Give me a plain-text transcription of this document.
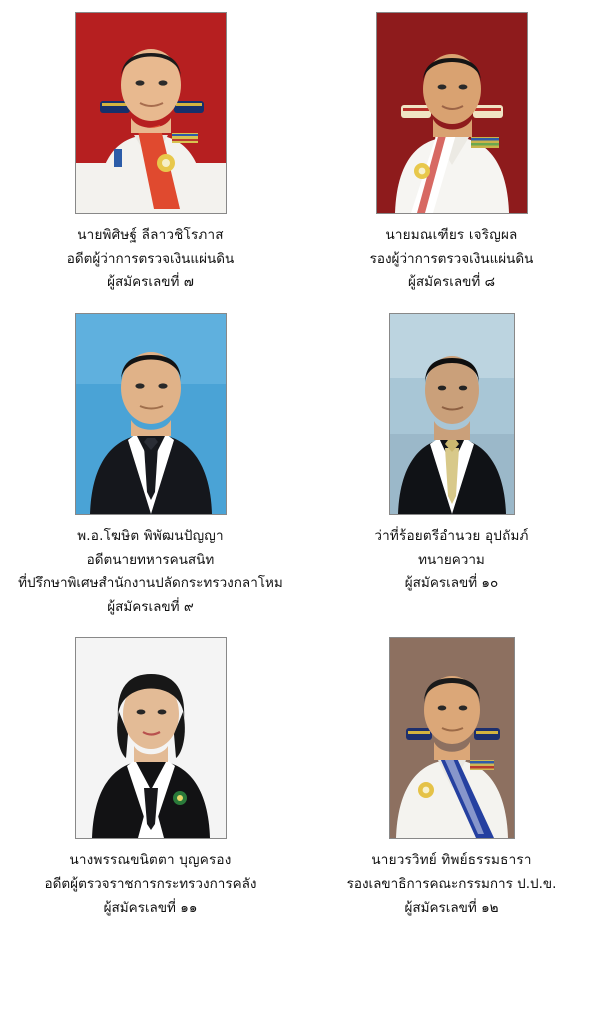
นายพิศิษฐ์ ลีลาวชิโรภาส
อดีตผู้ว่าการตรวจเงินแผ่นดิน
ผู้สมัครเลขที่ ๗
นายมณเฑียร เจริญผล
รองผู้ว่าการตรวจเงินแผ่นดิน
ผู้สมัครเลขที่ ๘
พ.อ.โฆษิต พิพัฒนปัญญา
อดีตนายทหารคนสนิท
ที่ปรึกษาพิเศษสำนักงานปลัดกระทรวงกลาโหม
ผู้สมัครเลขที่ ๙
ว่าที่ร้อยตรีอำนวย อุปถัมภ์
ทนายความ
ผู้สมัครเลขที่ ๑๐
นางพรรณขนิตตา บุญครอง
อดีตผู้ตรวจราชการกระทรวงการคลัง
ผู้สมัครเลขที่ ๑๑
นายวรวิทย์ ทิพย์ธรรมธารา
รองเลขาธิการคณะกรรมการ ป.ป.ข.
ผู้สมัครเลขที่ ๑๒
